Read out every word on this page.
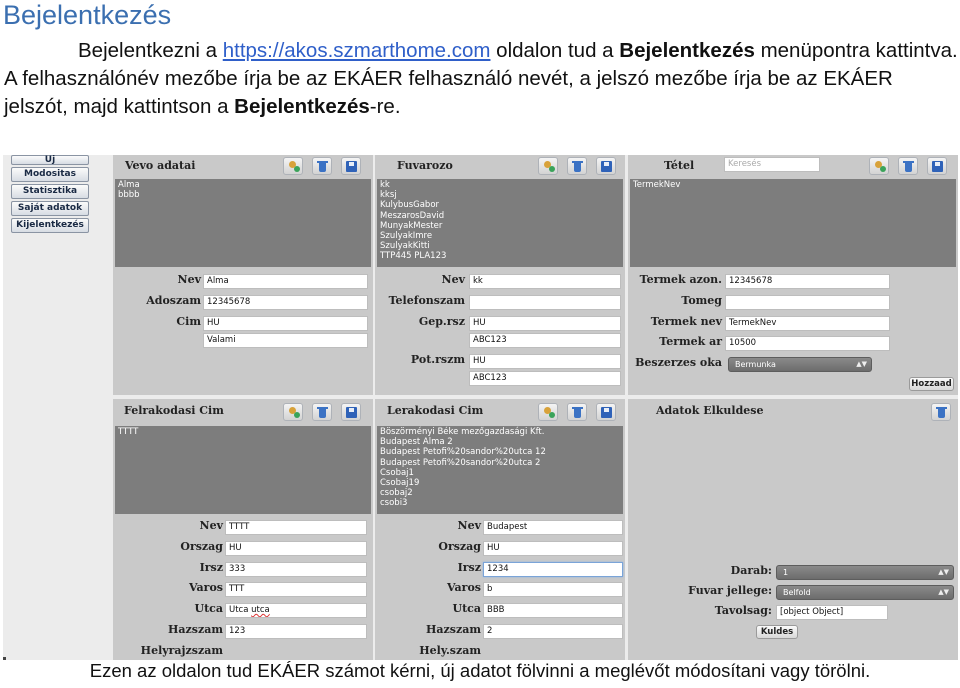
Bejelentkezés
Bejelentkezni a https://akos.szmarthome.com oldalon tud a Bejelentkezés menüpontra kattintva. A felhasználónév mezőbe írja be az EKÁER felhasználó nevét, a jelszó mezőbe írja be az EKÁER jelszót, majd kattintson a Bejelentkezés-re.
Új
Modositas
Statisztika
Saját adatok
Kijelentkezés
Vevo adatai
Alma
bbbb
Nev Alma
Adoszam 12345678
Cim HU
Valami
Fuvarozo
kk
kksj
KulybusGabor
MeszarosDavid
MunyakMester
SzulyakImre
SzulyakKitti
TTP445 PLA123
Nev kk
Telefonszam
Gep.rsz HU
ABC123
Pot.rszm HU
ABC123
Tétel	Keresés
TermekNev
Termek azon. 12345678
Tomeg
Termek nev TermekNev
Termek ar 10500
Beszerzes oka	Bermunka	▲▼
Hozzaad
Felrakodasi Cim
TTTT
Nev TTTT
Orszag HU
Irsz 333
Varos TTT
Utca Utca utca
Hazszam 123
Helyrajzszam
Lerakodasi Cim
Böszörményi Béke mezőgazdasági Kft.
Budapest Alma 2
Budapest Petofi%20sandor%20utca 12
Budapest Petofi%20sandor%20utca 2
Csobaj1
Csobaj19
csobaj2
csobi3
Nev Budapest
Orszag HU
Irsz 1234
Varos b
Utca BBB
Hazszam 2
Hely.szam
Adatok Elkuldese
Darab:	1	▲▼
Fuvar jellege:	Belfold	▲▼
Tavolsag: [object Object]
Kuldes
Ezen az oldalon tud EKÁER számot kérni, új adatot fölvinni a meglévőt módosítani vagy törölni.
